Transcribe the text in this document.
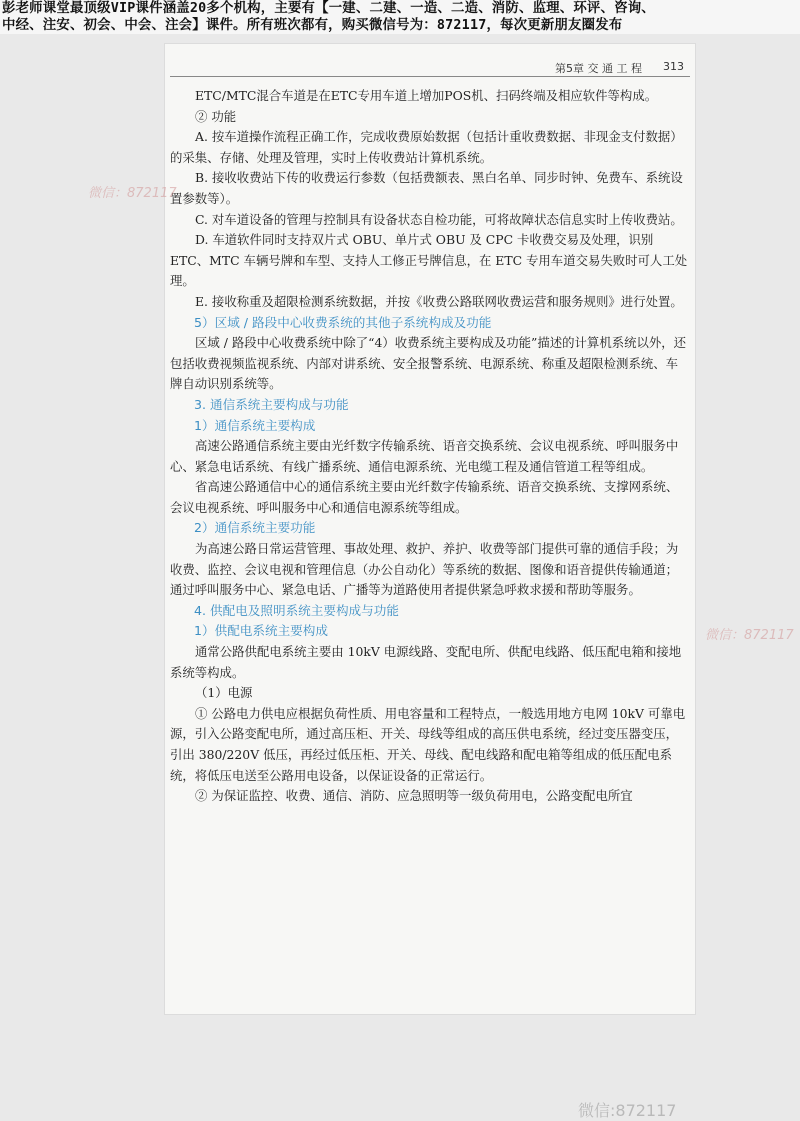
彭老师课堂最顶级VIP课件涵盖20多个机构，主要有【一建、二建、一造、二造、消防、监理、环评、咨询、
中经、注安、初会、中会、注会】课件。所有班次都有，购买微信号为：872117，每次更新朋友圈发布
第5章 交 通 工 程 313

ETC/MTC混合车道是在ETC专用车道上增加POS机、扫码终端及相应软件等构成。

② 功能

A. 按车道操作流程正确工作，完成收费原始数据（包括计重收费数据、非现金支付数据）的采集、存储、处理及管理，实时上传收费站计算机系统。

B. 接收收费站下传的收费运行参数（包括费额表、黑白名单、同步时钟、免费车、系统设置参数等）。

C. 对车道设备的管理与控制具有设备状态自检功能，可将故障状态信息实时上传收费站。

D. 车道软件同时支持双片式 OBU、单片式 OBU 及 CPC 卡收费交易及处理，识别 ETC、MTC 车辆号牌和车型、支持人工修正号牌信息，在 ETC 专用车道交易失败时可人工处理。

E. 接收称重及超限检测系统数据，并按《收费公路联网收费运营和服务规则》进行处置。

5）区域 / 路段中心收费系统的其他子系统构成及功能

区域 / 路段中心收费系统中除了“4）收费系统主要构成及功能”描述的计算机系统以外，还包括收费视频监视系统、内部对讲系统、安全报警系统、电源系统、称重及超限检测系统、车牌自动识别系统等。

3. 通信系统主要构成与功能

1）通信系统主要构成

高速公路通信系统主要由光纤数字传输系统、语音交换系统、会议电视系统、呼叫服务中心、紧急电话系统、有线广播系统、通信电源系统、光电缆工程及通信管道工程等组成。

省高速公路通信中心的通信系统主要由光纤数字传输系统、语音交换系统、支撑网系统、会议电视系统、呼叫服务中心和通信电源系统等组成。

2）通信系统主要功能

为高速公路日常运营管理、事故处理、救护、养护、收费等部门提供可靠的通信手段；为收费、监控、会议电视和管理信息（办公自动化）等系统的数据、图像和语音提供传输通道；通过呼叫服务中心、紧急电话、广播等为道路使用者提供紧急呼救求援和帮助等服务。

4. 供配电及照明系统主要构成与功能

1）供配电系统主要构成

通常公路供配电系统主要由 10kV 电源线路、变配电所、供配电线路、低压配电箱和接地系统等构成。

（1）电源

① 公路电力供电应根据负荷性质、用电容量和工程特点，一般选用地方电网 10kV 可靠电源，引入公路变配电所，通过高压柜、开关、母线等组成的高压供电系统，经过变压器变压，引出 380/220V 低压，再经过低压柜、开关、母线、配电线路和配电箱等组成的低压配电系统，将低压电送至公路用电设备，以保证设备的正常运行。

② 为保证监控、收费、通信、消防、应急照明等一级负荷用电，公路变配电所宜

微信：872117
微信：872117
微信:872117
